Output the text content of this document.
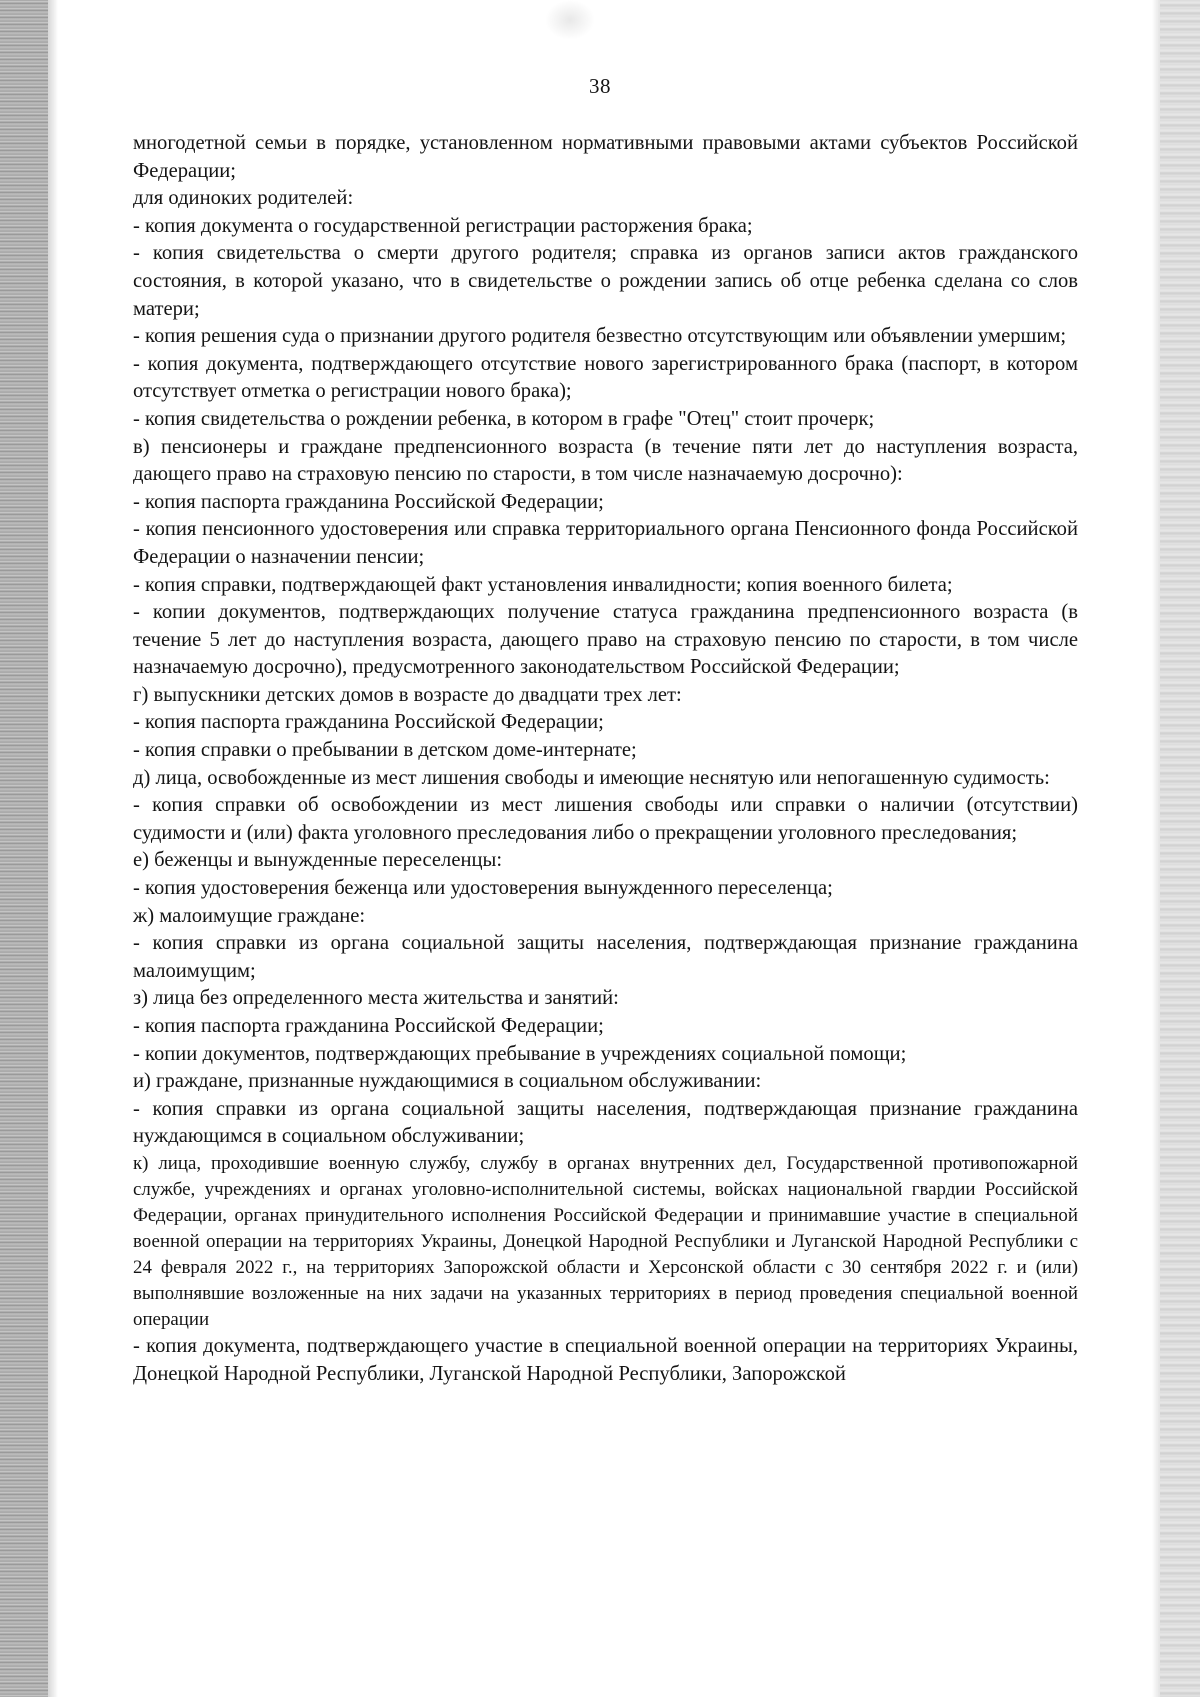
38

многодетной семьи в порядке, установленном нормативными правовыми актами субъектов Российской Федерации;

для одиноких родителей:

- копия документа о государственной регистрации расторжения брака;

- копия свидетельства о смерти другого родителя; справка из органов записи актов гражданского состояния, в которой указано, что в свидетельстве о рождении запись об отце ребенка сделана со слов матери;

- копия решения суда о признании другого родителя безвестно отсутствующим или объявлении умершим;

- копия документа, подтверждающего отсутствие нового зарегистрированного брака (паспорт, в котором отсутствует отметка о регистрации нового брака);

- копия свидетельства о рождении ребенка, в котором в графе "Отец" стоит прочерк;

в) пенсионеры и граждане предпенсионного возраста (в течение пяти лет до наступления возраста, дающего право на страховую пенсию по старости, в том числе назначаемую досрочно):

- копия паспорта гражданина Российской Федерации;

- копия пенсионного удостоверения или справка территориального органа Пенсионного фонда Российской Федерации о назначении пенсии;

- копия справки, подтверждающей факт установления инвалидности; копия военного билета;

- копии документов, подтверждающих получение статуса гражданина предпенсионного возраста (в течение 5 лет до наступления возраста, дающего право на страховую пенсию по старости, в том числе назначаемую досрочно), предусмотренного законодательством Российской Федерации;

г) выпускники детских домов в возрасте до двадцати трех лет:

- копия паспорта гражданина Российской Федерации;

- копия справки о пребывании в детском доме-интернате;

д) лица, освобожденные из мест лишения свободы и имеющие неснятую или непогашенную судимость:

- копия справки об освобождении из мест лишения свободы или справки о наличии (отсутствии) судимости и (или) факта уголовного преследования либо о прекращении уголовного преследования;

е) беженцы и вынужденные переселенцы:

- копия удостоверения беженца или удостоверения вынужденного переселенца;

ж) малоимущие граждане:

- копия справки из органа социальной защиты населения, подтверждающая признание гражданина малоимущим;

з) лица без определенного места жительства и занятий:

- копия паспорта гражданина Российской Федерации;

- копии документов, подтверждающих пребывание в учреждениях социальной помощи;

и) граждане, признанные нуждающимися в социальном обслуживании:

- копия справки из органа социальной защиты населения, подтверждающая признание гражданина нуждающимся в социальном обслуживании;

к) лица, проходившие военную службу, службу в органах внутренних дел, Государственной противопожарной службе, учреждениях и органах уголовно-исполнительной системы, войсках национальной гвардии Российской Федерации, органах принудительного исполнения Российской Федерации и принимавшие участие в специальной военной операции на территориях Украины, Донецкой Народной Республики и Луганской Народной Республики с 24 февраля 2022 г., на территориях Запорожской области и Херсонской области с 30 сентября 2022 г. и (или) выполнявшие возложенные на них задачи на указанных территориях в период проведения специальной военной операции

- копия документа, подтверждающего участие в специальной военной операции на территориях Украины, Донецкой Народной Республики, Луганской Народной Республики, Запорожской
